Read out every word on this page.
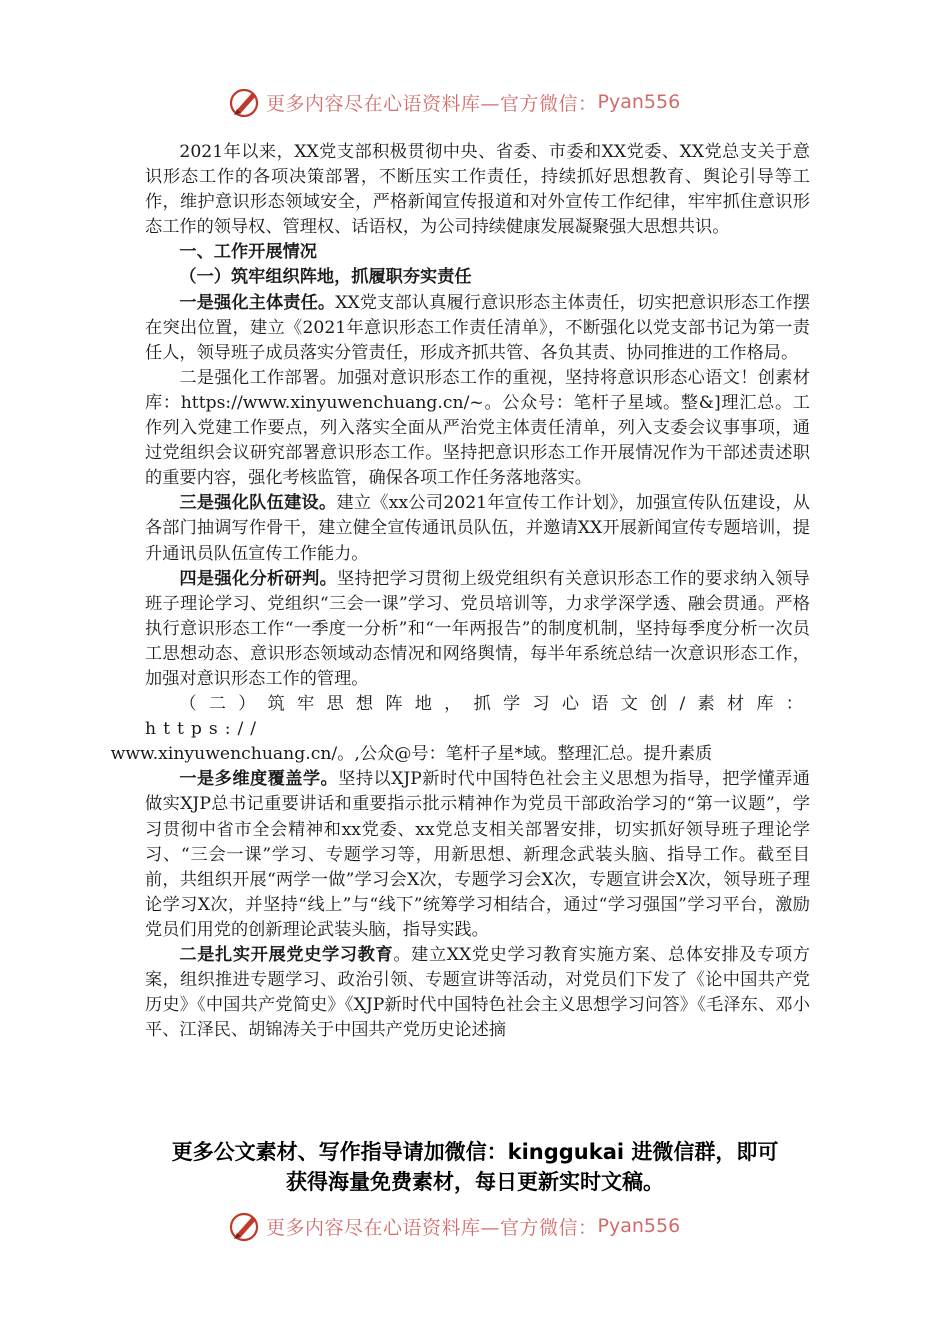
更多内容尽在心语资料库—官方微信： Pyan556

2021年以来，XX党支部积极贯彻中央、省委、市委和XX党委、XX党总支关于意识形态工作的各项决策部署，不断压实工作责任，持续抓好思想教育、舆论引导等工作，维护意识形态领域安全，严格新闻宣传报道和对外宣传工作纪律，牢牢抓住意识形态工作的领导权、管理权、话语权，为公司持续健康发展凝聚强大思想共识。

一、工作开展情况

（一）筑牢组织阵地，抓履职夯实责任

一是强化主体责任。XX党支部认真履行意识形态主体责任，切实把意识形态工作摆在突出位置，建立《2021年意识形态工作责任清单》，不断强化以党支部书记为第一责任人，领导班子成员落实分管责任，形成齐抓共管、各负其责、协同推进的工作格局。

二是强化工作部署。加强对意识形态工作的重视，坚持将意识形态心语文！创素材库：https://www.xinyuwenchuang.cn/~。公众号：笔杆子星域。整&]理汇总。工作列入党建工作要点，列入落实全面从严治党主体责任清单，列入支委会议事事项，通过党组织会议研究部署意识形态工作。坚持把意识形态工作开展情况作为干部述责述职的重要内容，强化考核监管，确保各项工作任务落地落实。

三是强化队伍建设。建立《xx公司2021年宣传工作计划》，加强宣传队伍建设，从各部门抽调写作骨干，建立健全宣传通讯员队伍，并邀请XX开展新闻宣传专题培训，提升通讯员队伍宣传工作能力。

四是强化分析研判。坚持把学习贯彻上级党组织有关意识形态工作的要求纳入领导班子理论学习、党组织“三会一课”学习、党员培训等，力求学深学透、融会贯通。严格执行意识形态工作“一季度一分析”和“一年两报告”的制度机制，坚持每季度分析一次员工思想动态、意识形态领域动态情况和网络舆情，每半年系统总结一次意识形态工作，加强对意识形态工作的管理。

（二）筑牢思想阵地，抓学习心语文创/素材库：https://
www.xinyuwenchuang.cn/。,公众@号：笔杆子星*域。整理汇总。提升素质

一是多维度覆盖学。坚持以XJP新时代中国特色社会主义思想为指导，把学懂弄通做实XJP总书记重要讲话和重要指示批示精神作为党员干部政治学习的“第一议题”，学习贯彻中省市全会精神和xx党委、xx党总支相关部署安排，切实抓好领导班子理论学习、“三会一课”学习、专题学习等，用新思想、新理念武装头脑、指导工作。截至目前，共组织开展“两学一做”学习会X次，专题学习会X次，专题宣讲会X次，领导班子理论学习X次，并坚持“线上”与“线下”统筹学习相结合，通过“学习强国”学习平台，激励党员们用党的创新理论武装头脑，指导实践。

二是扎实开展党史学习教育。建立XX党史学习教育实施方案、总体安排及专项方案，组织推进专题学习、政治引领、专题宣讲等活动，对党员们下发了《论中国共产党历史》《中国共产党简史》《XJP新时代中国特色社会主义思想学习问答》《毛泽东、邓小平、江泽民、胡锦涛关于中国共产党历史论述摘

更多公文素材、写作指导请加微信：kinggukai 进微信群，即可
获得海量免费素材，每日更新实时文稿。
更多内容尽在心语资料库—官方微信： Pyan556
